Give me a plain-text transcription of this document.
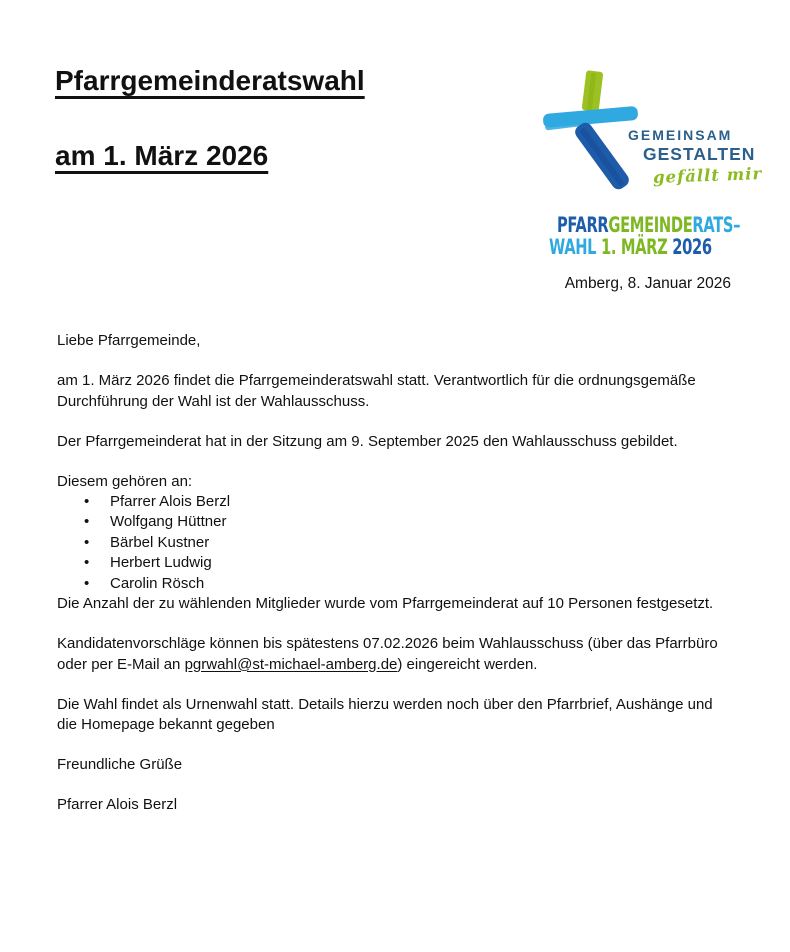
Pfarrgemeinderatswahl
am 1. März 2026
GEMEINSAM
GESTALTEN
gefällt mir
PFARRGEMEINDERATS–
WAHL 1. MÄRZ 2026
Amberg, 8. Januar 2026

Liebe Pfarrgemeinde,

am 1. März 2026 findet die Pfarrgemeinderatswahl statt. Verantwortlich für die ordnungsgemäße Durchführung der Wahl ist der Wahlausschuss.

Der Pfarrgemeinderat hat in der Sitzung am 9. September 2025 den Wahlausschuss gebildet.

Diesem gehören an:

• Pfarrer Alois Berzl
• Wolfgang Hüttner
• Bärbel Kustner
• Herbert Ludwig
• Carolin Rösch

Die Anzahl der zu wählenden Mitglieder wurde vom Pfarrgemeinderat auf 10 Personen festgesetzt.

Kandidatenvorschläge können bis spätestens 07.02.2026 beim Wahlausschuss (über das Pfarrbüro oder per E-Mail an pgrwahl@st-michael-amberg.de) eingereicht werden.

Die Wahl findet als Urnenwahl statt. Details hierzu werden noch über den Pfarrbrief, Aushänge und die Homepage bekannt gegeben

Freundliche Grüße

Pfarrer Alois Berzl
